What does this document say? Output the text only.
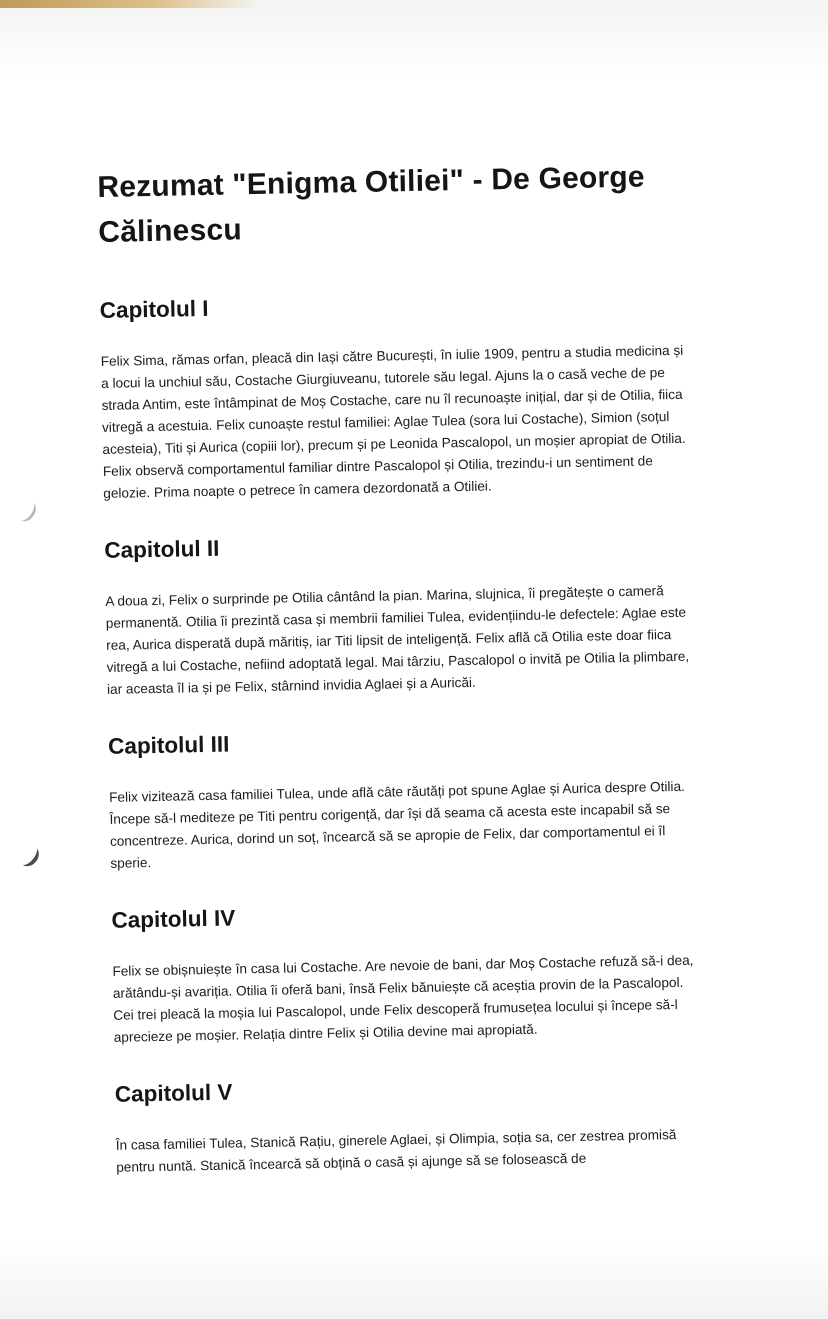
Rezumat "Enigma Otiliei" - De George Călinescu
Capitolul I

Felix Sima, rămas orfan, pleacă din Iași către București, în iulie 1909, pentru a studia medicina și a locui la unchiul său, Costache Giurgiuveanu, tutorele său legal. Ajuns la o casă veche de pe strada Antim, este întâmpinat de Moș Costache, care nu îl recunoaște inițial, dar și de Otilia, fiica vitregă a acestuia. Felix cunoaște restul familiei: Aglae Tulea (sora lui Costache), Simion (soțul acesteia), Titi și Aurica (copiii lor), precum și pe Leonida Pascalopol, un moșier apropiat de Otilia. Felix observă comportamentul familiar dintre Pascalopol și Otilia, trezindu-i un sentiment de gelozie. Prima noapte o petrece în camera dezordonată a Otiliei.

Capitolul II

A doua zi, Felix o surprinde pe Otilia cântând la pian. Marina, slujnica, îi pregătește o cameră permanentă. Otilia îi prezintă casa și membrii familiei Tulea, evidențiindu-le defectele: Aglae este rea, Aurica disperată după măritiș, iar Titi lipsit de inteligență. Felix află că Otilia este doar fiica vitregă a lui Costache, nefiind adoptată legal. Mai târziu, Pascalopol o invită pe Otilia la plimbare, iar aceasta îl ia și pe Felix, stârnind invidia Aglaei și a Auricăi.

Capitolul III

Felix vizitează casa familiei Tulea, unde află câte răutăți pot spune Aglae și Aurica despre Otilia. Începe să-l mediteze pe Titi pentru corigență, dar își dă seama că acesta este incapabil să se concentreze. Aurica, dorind un soț, încearcă să se apropie de Felix, dar comportamentul ei îl sperie.

Capitolul IV

Felix se obișnuiește în casa lui Costache. Are nevoie de bani, dar Moș Costache refuză să-i dea, arătându-și avariția. Otilia îi oferă bani, însă Felix bănuiește că aceștia provin de la Pascalopol. Cei trei pleacă la moșia lui Pascalopol, unde Felix descoperă frumusețea locului și începe să-l aprecieze pe moșier. Relația dintre Felix și Otilia devine mai apropiată.

Capitolul V

În casa familiei Tulea, Stanică Rațiu, ginerele Aglaei, și Olimpia, soția sa, cer zestrea promisă pentru nuntă. Stanică încearcă să obțină o casă și ajunge să se folosească de
